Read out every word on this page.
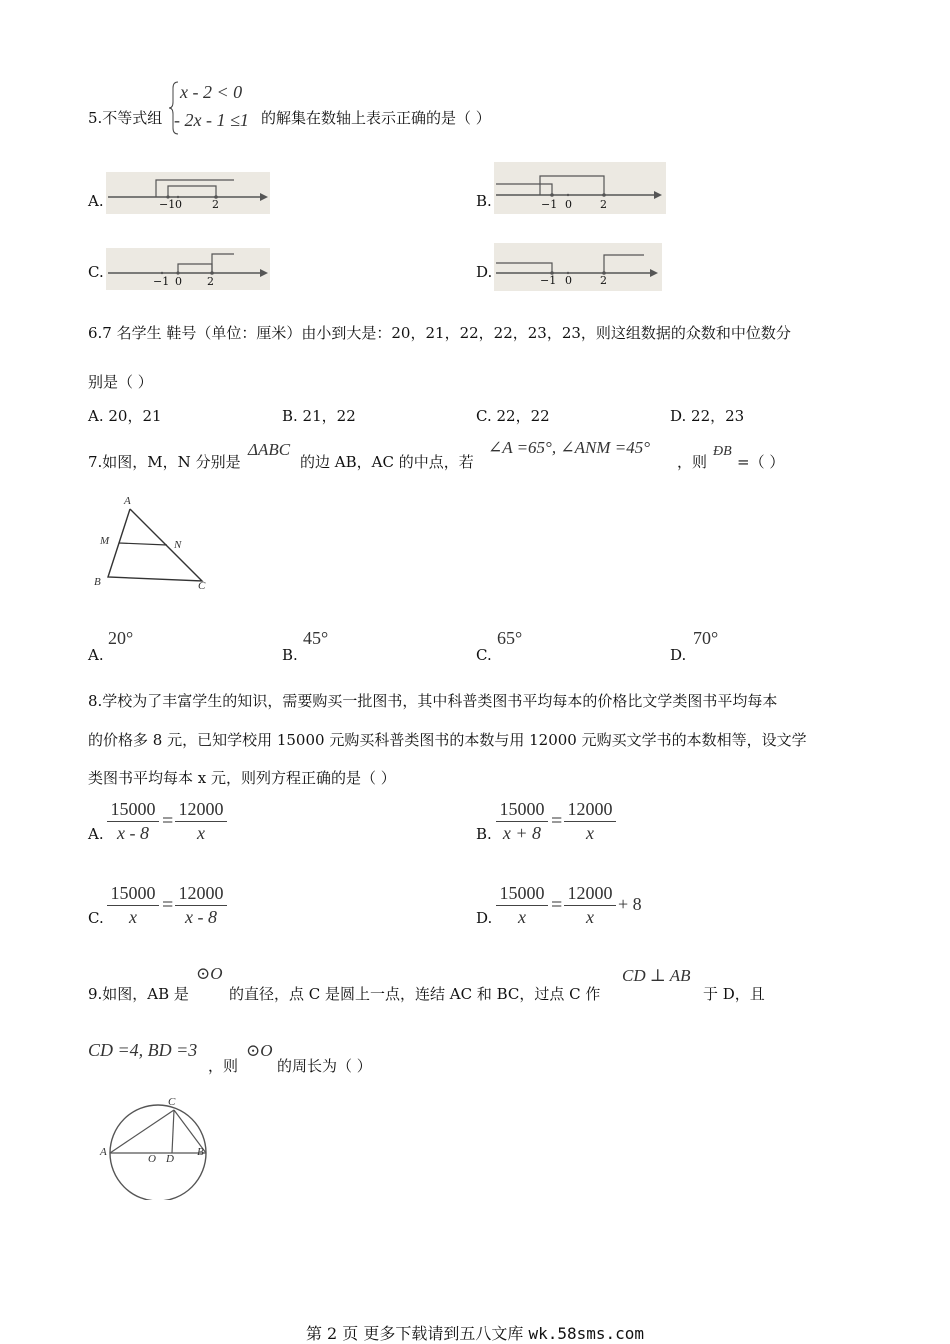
5.不等式组
x - 2 < 0
- 2x - 1 ≤1 的解集在数轴上表示正确的是（ ）
A.	−1 0	2	B.	−1 0	2
C.
−1 0 2
D.	−1 0	2
6.7 名学生 鞋号（单位：厘米）由小到大是：20，21，22，22，23，23，则这组数据的众数和中位数分
别是（ ）
A. 20，21	B. 21，22	C. 22，22	D. 22，23
7.如图，M，N 分别是
ΔABC
的边 AB，AC 的中点，若
∠A =65°, ∠ANM =45°
，则
ÐB
=（ ）
A
M	N
B	C
A.
20°
B.
45°
C.
65°
D.
70°
8.学校为了丰富学生的知识，需要购买一批图书，其中科普类图书平均每本的价格比文学类图书平均每本
的价格多 8 元，已知学校用 15000 元购买科普类图书的本数与用 12000 元购买文学书的本数相等，设文学
类图书平均每本 x 元，则列方程正确的是（ ）
A. $\frac{15000}{x - 8} = \frac{12000}{x}$	B. $\frac{15000}{x + 8} = \frac{12000}{x}$
C. $\frac{15000}{x} = \frac{12000}{x - 8}$	D. $\frac{15000}{x} = \frac{12000}{x} + 8$
9.如图，AB 是
⊙O
的直径，点 C 是圆上一点，连结 AC 和 BC，过点 C 作
CD ⊥ AB
于 D，且
CD =4, BD =3
，则
⊙O
的周长为（ ）
C
A
O D
B
第 2 页 更多下载请到五八文库 wk.58sms.com
